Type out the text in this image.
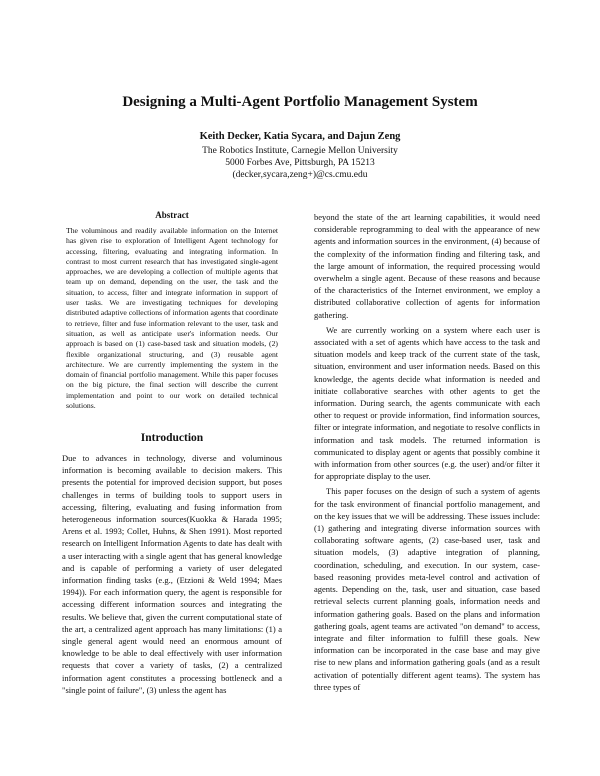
Designing a Multi-Agent Portfolio Management System
Keith Decker, Katia Sycara, and Dajun Zeng
The Robotics Institute, Carnegie Mellon University
5000 Forbes Ave, Pittsburgh, PA 15213
(decker,sycara,zeng+)@cs.cmu.edu
Abstract

The voluminous and readily available information on the Internet has given rise to exploration of Intelligent Agent technology for accessing, filtering, evaluating and integrating information. In contrast to most current research that has investigated single-agent approaches, we are developing a collection of multiple agents that team up on demand, depending on the user, the task and the situation, to access, filter and integrate information in support of user tasks. We are investigating techniques for developing distributed adaptive collections of information agents that coordinate to retrieve, filter and fuse information relevant to the user, task and situation, as well as anticipate user's information needs. Our approach is based on (1) case-based task and situation models, (2) flexible organizational structuring, and (3) reusable agent architecture. We are currently implementing the system in the domain of financial portfolio management. While this paper focuses on the big picture, the final section will describe the current implementation and point to our work on detailed technical solutions.

Introduction

Due to advances in technology, diverse and voluminous information is becoming available to decision makers. This presents the potential for improved decision support, but poses challenges in terms of building tools to support users in accessing, filtering, evaluating and fusing information from heterogeneous information sources(Kuokka & Harada 1995; Arens et al. 1993; Collet, Huhns, & Shen 1991). Most reported research on Intelligent Information Agents to date has dealt with a user interacting with a single agent that has general knowledge and is capable of performing a variety of user delegated information finding tasks (e.g., (Etzioni & Weld 1994; Maes 1994)). For each information query, the agent is responsible for accessing different information sources and integrating the results. We believe that, given the current computational state of the art, a centralized agent approach has many limitations: (1) a single general agent would need an enormous amount of knowledge to be able to deal effectively with user information requests that cover a variety of tasks, (2) a centralized information agent constitutes a processing bottleneck and a "single point of failure", (3) unless the agent has

beyond the state of the art learning capabilities, it would need considerable reprogramming to deal with the appearance of new agents and information sources in the environment, (4) because of the complexity of the information finding and filtering task, and the large amount of information, the required processing would overwhelm a single agent. Because of these reasons and because of the characteristics of the Internet environment, we employ a distributed collaborative collection of agents for information gathering.

We are currently working on a system where each user is associated with a set of agents which have access to the task and situation models and keep track of the current state of the task, situation, environment and user information needs. Based on this knowledge, the agents decide what information is needed and initiate collaborative searches with other agents to get the information. During search, the agents communicate with each other to request or provide information, find information sources, filter or integrate information, and negotiate to resolve conflicts in information and task models. The returned information is communicated to display agent or agents that possibly combine it with information from other sources (e.g. the user) and/or filter it for appropriate display to the user.

This paper focuses on the design of such a system of agents for the task environment of financial portfolio management, and on the key issues that we will be addressing. These issues include: (1) gathering and integrating diverse information sources with collaborating software agents, (2) case-based user, task and situation models, (3) adaptive integration of planning, coordination, scheduling, and execution. In our system, case-based reasoning provides meta-level control and activation of agents. Depending on the, task, user and situation, case based retrieval selects current planning goals, information needs and information gathering goals. Based on the plans and information gathering goals, agent teams are activated "on demand" to access, integrate and filter information to fulfill these goals. New information can be incorporated in the case base and may give rise to new plans and information gathering goals (and as a result activation of potentially different agent teams). The system has three types of
